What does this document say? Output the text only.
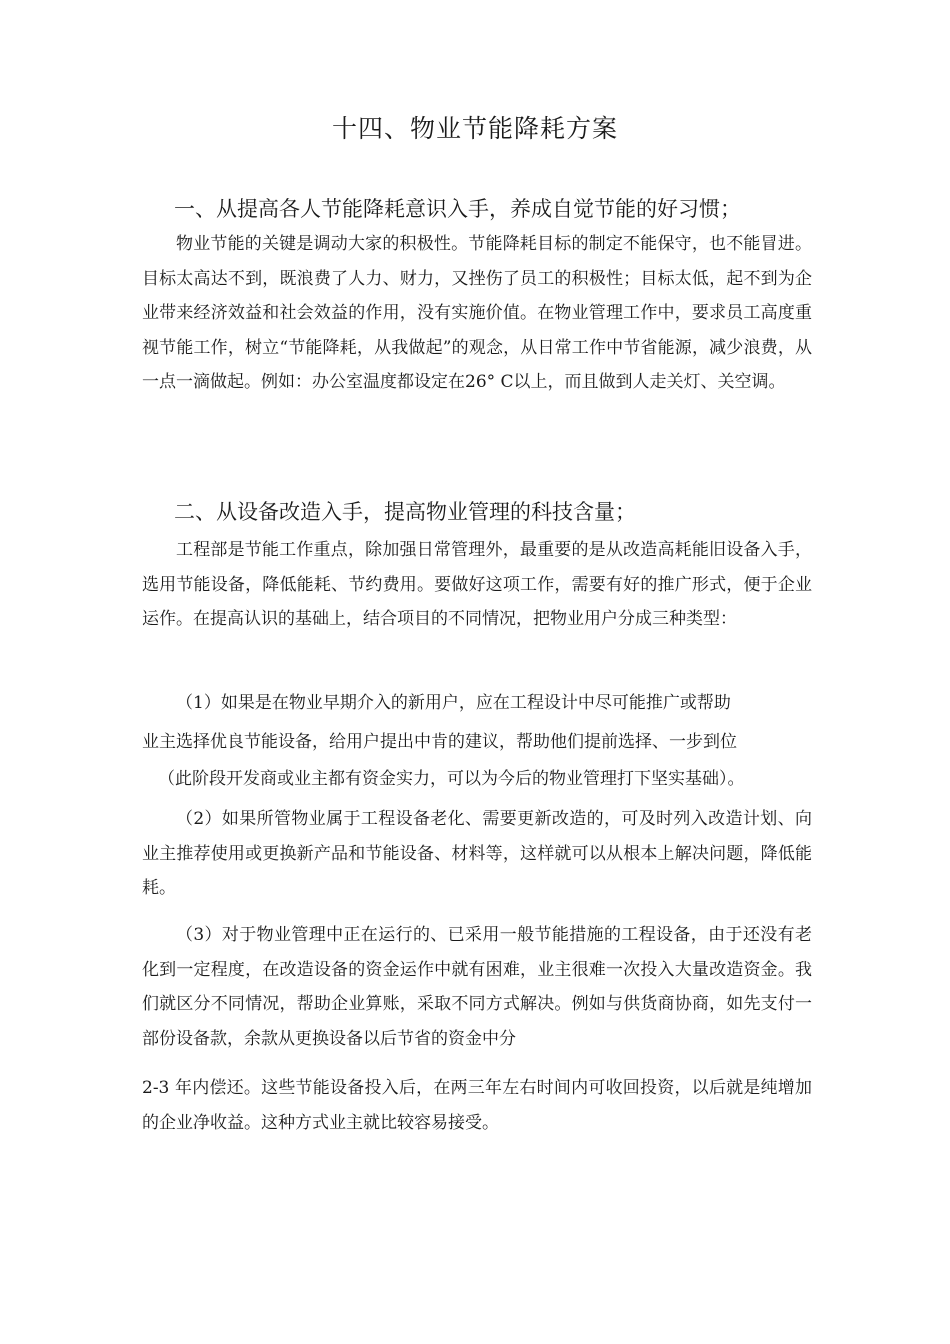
十四、物业节能降耗方案
一、从提高各人节能降耗意识入手，养成自觉节能的好习惯；

物业节能的关键是调动大家的积极性。节能降耗目标的制定不能保守，也不能冒进。目标太高达不到，既浪费了人力、财力，又挫伤了员工的积极性；目标太低，起不到为企业带来经济效益和社会效益的作用，没有实施价值。在物业管理工作中，要求员工高度重视节能工作，树立“节能降耗，从我做起”的观念，从日常工作中节省能源，减少浪费，从一点一滴做起。例如：办公室温度都设定在26° C以上，而且做到人走关灯、关空调。

二、从设备改造入手，提高物业管理的科技含量；

工程部是节能工作重点，除加强日常管理外，最重要的是从改造高耗能旧设备入手，选用节能设备，降低能耗、节约费用。要做好这项工作，需要有好的推广形式，便于企业运作。在提高认识的基础上，结合项目的不同情况，把物业用户分成三种类型：

（1）如果是在物业早期介入的新用户，应在工程设计中尽可能推广或帮助
业主选择优良节能设备，给用户提出中肯的建议，帮助他们提前选择、一步到位
（此阶段开发商或业主都有资金实力，可以为今后的物业管理打下坚实基础）。

（2）如果所管物业属于工程设备老化、需要更新改造的，可及时列入改造计划、向业主推荐使用或更换新产品和节能设备、材料等，这样就可以从根本上解决问题，降低能耗。

（3）对于物业管理中正在运行的、已采用一般节能措施的工程设备，由于还没有老化到一定程度，在改造设备的资金运作中就有困难，业主很难一次投入大量改造资金。我们就区分不同情况，帮助企业算账，采取不同方式解决。例如与供货商协商，如先支付一部份设备款，余款从更换设备以后节省的资金中分

2-3 年内偿还。这些节能设备投入后，在两三年左右时间内可收回投资，以后就是纯增加的企业净收益。这种方式业主就比较容易接受。
